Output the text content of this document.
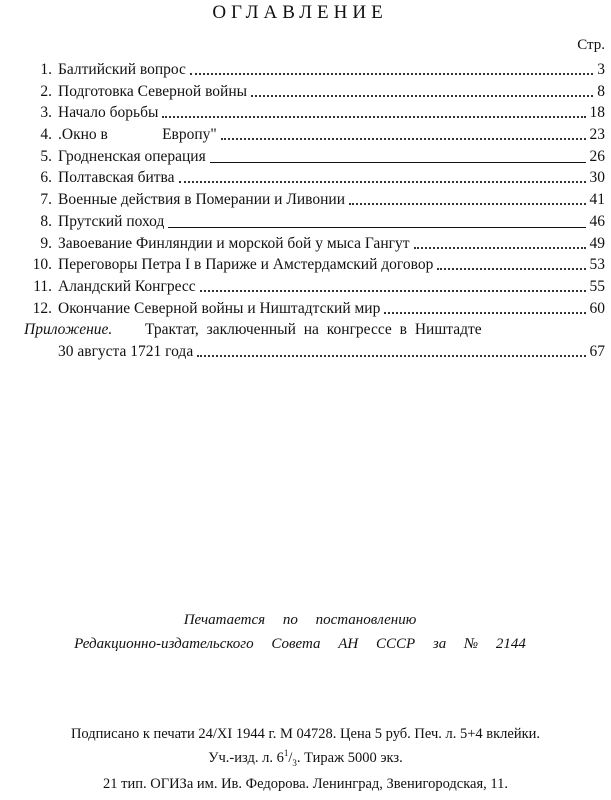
ОГЛАВЛЕНИЕ
Стр.
1. Балтийский вопрос	3
2. Подготовка Северной войны	8
3. Начало борьбы	18
4. .Окно в              Европу"	23
5. Гродненская операция	26
6. Полтавская битва	30
7. Военные действия в Померании и Ливонии	41
8. Прутский поход	46
9. Завоевание Финляндии и морской бой у мыса Гангут	49
10. Переговоры Петра I в Париже и Амстердамский договор	53
11. Аландский Конгресс	55
12. Окончание Северной войны и Ништадтский мир	60
Приложение. Трактат, заключенный на конгрессе в Ништадте
30 августа 1721 года	67
Печатается по постановлению
Редакционно-издательского Совета АН СССР за № 2144
Подписано к печати 24/XI 1944 г. М 04728. Цена 5 руб. Печ. л. 5+4 вклейки.
Уч.-изд. л. $6^1/_3$. Тираж 5000 экз.
21 тип. ОГИЗа им. Ив. Федорова. Ленинград, Звенигородская, 11.
